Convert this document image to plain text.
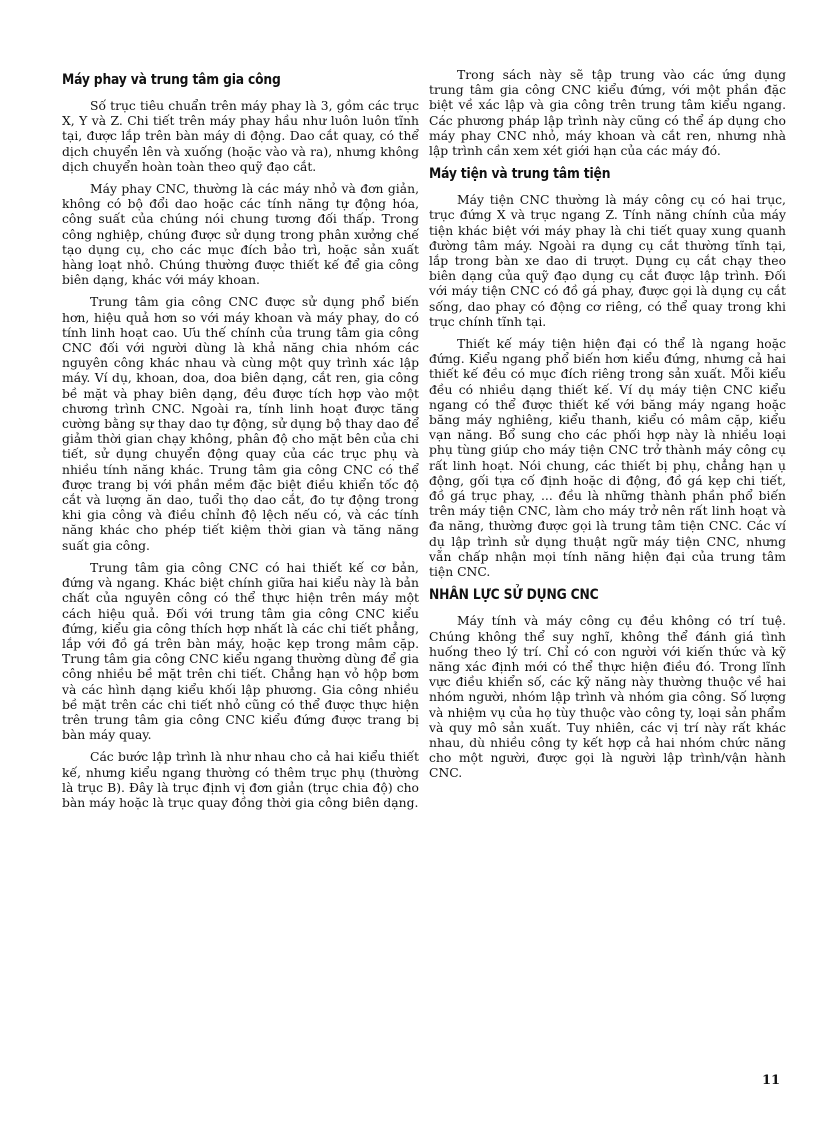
Máy phay và trung tâm gia công

Số trục tiêu chuẩn trên máy phay là 3, gồm các trục X, Y và Z. Chi tiết trên máy phay hầu như luôn luôn tĩnh tại, được lắp trên bàn máy di động. Dao cắt quay, có thể dịch chuyển lên và xuống (hoặc vào và ra), nhưng không dịch chuyển hoàn toàn theo quỹ đạo cắt.

Máy phay CNC, thường là các máy nhỏ và đơn giản, không có bộ đổi dao hoặc các tính năng tự động hóa, công suất của chúng nói chung tương đối thấp. Trong công nghiệp, chúng được sử dụng trong phân xưởng chế tạo dụng cụ, cho các mục đích bảo trì, hoặc sản xuất hàng loạt nhỏ. Chúng thường được thiết kế để gia công biên dạng, khác với máy khoan.

Trung tâm gia công CNC được sử dụng phổ biến hơn, hiệu quả hơn so với máy khoan và máy phay, do có tính linh hoạt cao. Ưu thế chính của trung tâm gia công CNC đối với người dùng là khả năng chia nhóm các nguyên công khác nhau và cùng một quy trình xác lập máy. Ví dụ, khoan, doa, doa biên dạng, cắt ren, gia công bề mặt và phay biên dạng, đều được tích hợp vào một chương trình CNC. Ngoài ra, tính linh hoạt được tăng cường bằng sự thay dao tự động, sử dụng bộ thay dao để giảm thời gian chạy không, phân độ cho mặt bên của chi tiết, sử dụng chuyển động quay của các trục phụ và nhiều tính năng khác. Trung tâm gia công CNC có thể được trang bị với phần mềm đặc biệt điều khiển tốc độ cắt và lượng ăn dao, tuổi thọ dao cắt, đo tự động trong khi gia công và điều chỉnh độ lệch nếu có, và các tính năng khác cho phép tiết kiệm thời gian và tăng năng suất gia công.

Trung tâm gia công CNC có hai thiết kế cơ bản, đứng và ngang. Khác biệt chính giữa hai kiểu này là bản chất của nguyên công có thể thực hiện trên máy một cách hiệu quả. Đối với trung tâm gia công CNC kiểu đứng, kiểu gia công thích hợp nhất là các chi tiết phẳng, lắp với đồ gá trên bàn máy, hoặc kẹp trong mâm cặp. Trung tâm gia công CNC kiểu ngang thường dùng để gia công nhiều bề mặt trên chi tiết. Chẳng hạn vỏ hộp bơm và các hình dạng kiểu khối lập phương. Gia công nhiều bề mặt trên các chi tiết nhỏ cũng có thể được thực hiện trên trung tâm gia công CNC kiểu đứng được trang bị bàn máy quay.

Các bước lập trình là như nhau cho cả hai kiểu thiết kế, nhưng kiểu ngang thường có thêm trục phụ (thường là trục B). Đây là trục định vị đơn giản (trục chia độ) cho bàn máy hoặc là trục quay đồng thời gia công biên dạng.

Trong sách này sẽ tập trung vào các ứng dụng trung tâm gia công CNC kiểu đứng, với một phần đặc biệt về xác lập và gia công trên trung tâm kiểu ngang. Các phương pháp lập trình này cũng có thể áp dụng cho máy phay CNC nhỏ, máy khoan và cắt ren, nhưng nhà lập trình cần xem xét giới hạn của các máy đó.

Máy tiện và trung tâm tiện

Máy tiện CNC thường là máy công cụ có hai trục, trục đứng X và trục ngang Z. Tính năng chính của máy tiện khác biệt với máy phay là chi tiết quay xung quanh đường tâm máy. Ngoài ra dụng cụ cắt thường tĩnh tại, lắp trong bàn xe dao di trượt. Dụng cụ cắt chạy theo biên dạng của quỹ đạo dụng cụ cắt được lập trình. Đối với máy tiện CNC có đồ gá phay, được gọi là dụng cụ cắt sống, dao phay có động cơ riêng, có thể quay trong khi trục chính tĩnh tại.

Thiết kế máy tiện hiện đại có thể là ngang hoặc đứng. Kiểu ngang phổ biến hơn kiểu đứng, nhưng cả hai thiết kế đều có mục đích riêng trong sản xuất. Mỗi kiểu đều có nhiều dạng thiết kế. Ví dụ máy tiện CNC kiểu ngang có thể được thiết kế với băng máy ngang hoặc băng máy nghiêng, kiểu thanh, kiểu có mâm cặp, kiểu vạn năng. Bổ sung cho các phối hợp này là nhiều loại phụ tùng giúp cho máy tiện CNC trở thành máy công cụ rất linh hoạt. Nói chung, các thiết bị phụ, chẳng hạn ụ động, gối tựa cố định hoặc di động, đồ gá kẹp chi tiết, đồ gá trục phay, ... đều là những thành phần phổ biến trên máy tiện CNC, làm cho máy trở nên rất linh hoạt và đa năng, thường được gọi là trung tâm tiện CNC. Các ví dụ lập trình sử dụng thuật ngữ máy tiện CNC, nhưng vẫn chấp nhận mọi tính năng hiện đại của trung tâm tiện CNC.

NHÂN LỰC SỬ DỤNG CNC

Máy tính và máy công cụ đều không có trí tuệ. Chúng không thể suy nghĩ, không thể đánh giá tình huống theo lý trí. Chỉ có con người với kiến thức và kỹ năng xác định mới có thể thực hiện điều đó. Trong lĩnh vực điều khiển số, các kỹ năng này thường thuộc về hai nhóm người, nhóm lập trình và nhóm gia công. Số lượng và nhiệm vụ của họ tùy thuộc vào công ty, loại sản phẩm và quy mô sản xuất. Tuy nhiên, các vị trí này rất khác nhau, dù nhiều công ty kết hợp cả hai nhóm chức năng cho một người, được gọi là người lập trình/vận hành CNC.

11
